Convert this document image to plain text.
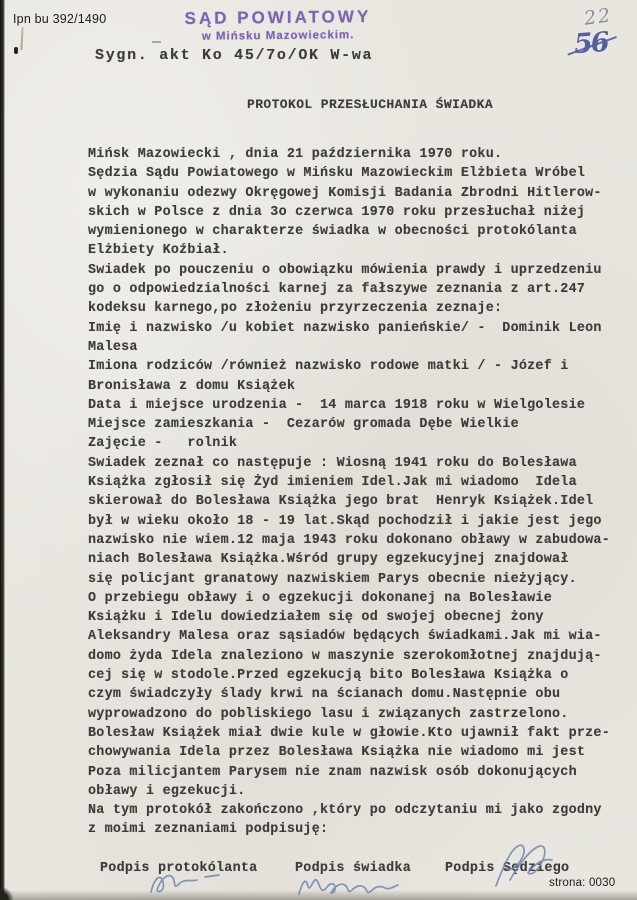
Ipn bu 392/1490	SĄD POWIATOWY
w Mińsku Mazowieckim.
Sygn. akt Ko 45/7o/OK W-wa
22
56
PROTOKOL PRZESŁUCHANIA ŚWIADKA
Mińsk Mazowiecki , dnia 21 października 1970 roku.
Sędzia Sądu Powiatowego w Mińsku Mazowieckim Elżbieta Wróbel
w wykonaniu odezwy Okręgowej Komisji Badania Zbrodni Hitlerow-
skich w Polsce z dnia 3o czerwca 1970 roku przesłuchał niżej
wymienionego w charakterze świadka w obecności protokólanta
Elżbiety Koźbiał.
Swiadek po pouczeniu o obowiązku mówienia prawdy i uprzedzeniu
go o odpowiedzialności karnej za fałszywe zeznania z art.247
kodeksu karnego,po złożeniu przyrzeczenia zeznaje:
Imię i nazwisko /u kobiet nazwisko panieńskie/ -  Dominik Leon
Malesa
Imiona rodziców /również nazwisko rodowe matki / - Józef i
Bronisława z domu Książek
Data i miejsce urodzenia -  14 marca 1918 roku w Wielgolesie
Miejsce zamieszkania -  Cezarów gromada Dębe Wielkie
Zajęcie -   rolnik
Swiadek zeznał co następuje : Wiosną 1941 roku do Bolesława
Książka zgłosił się Żyd imieniem Idel.Jak mi wiadomo  Idela
skierował do Bolesława Książka jego brat  Henryk Książek.Idel
był w wieku około 18 - 19 lat.Skąd pochodził i jakie jest jego
nazwisko nie wiem.12 maja 1943 roku dokonano obławy w zabudowa-
niach Bolesława Książka.Wśród grupy egzekucyjnej znajdował
się policjant granatowy nazwiskiem Parys obecnie nieżyjący.
O przebiegu obławy i o egzekucji dokonanej na Bolesławie
Książku i Idelu dowiedziałem się od swojej obecnej żony
Aleksandry Malesa oraz sąsiadów będących świadkami.Jak mi wia-
domo żyda Idela znaleziono w maszynie szerokomłotnej znajdują-
cej się w stodole.Przed egzekucją bito Bolesława Książka o
czym świadczyły ślady krwi na ścianach domu.Następnie obu
wyprowadzono do pobliskiego lasu i związanych zastrzelono.
Bolesław Książek miał dwie kule w głowie.Kto ujawnił fakt prze-
chowywania Idela przez Bolesława Książka nie wiadomo mi jest
Poza milicjantem Parysem nie znam nazwisk osób dokonujących
obławy i egzekucji.
Na tym protokół zakończono ,który po odczytaniu mi jako zgodny
z moimi zeznaniami podpisuję:
Podpis protokólanta	Podpis świadka	Podpis Sędziego
strona: 0030
